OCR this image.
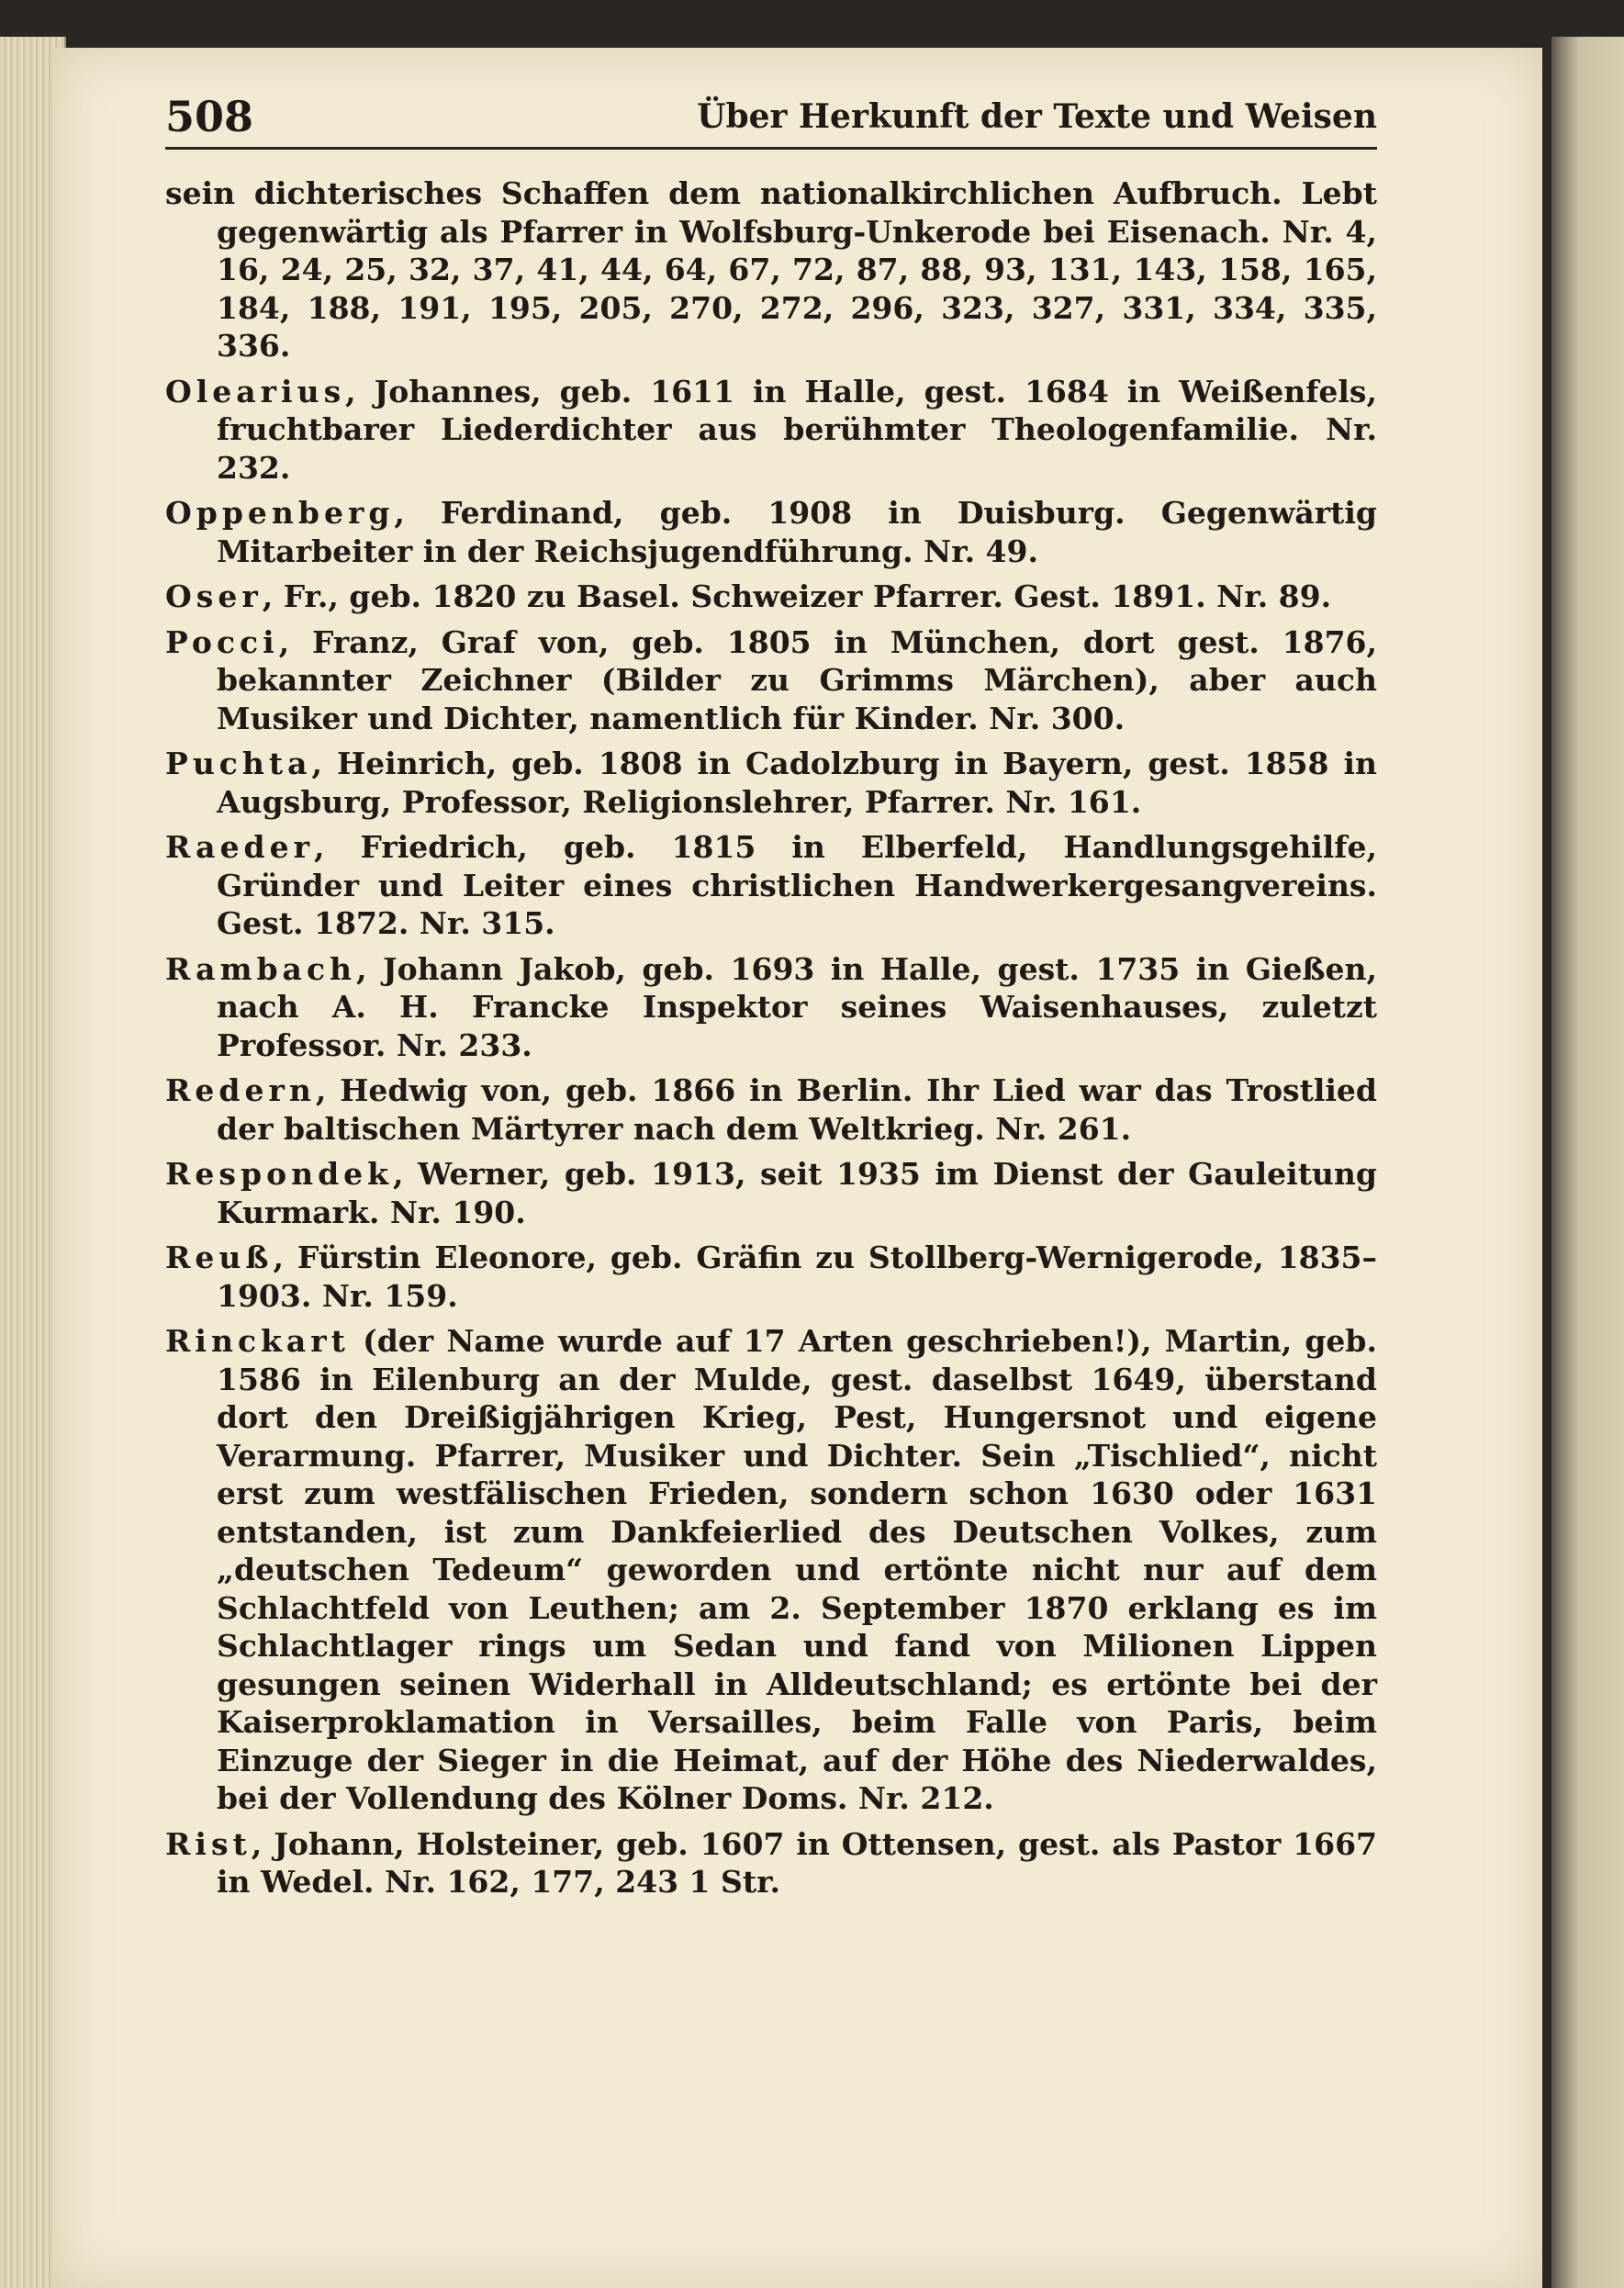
508	Über Herkunft der Texte und Weisen

sein dichterisches Schaffen dem nationalkirchlichen Aufbruch. Lebt gegenwärtig als Pfarrer in Wolfsburg-Unkerode bei Eisenach. Nr. 4, 16, 24, 25, 32, 37, 41, 44, 64, 67, 72, 87, 88, 93, 131, 143, 158, 165, 184, 188, 191, 195, 205, 270, 272, 296, 323, 327, 331, 334, 335, 336.

Olearius, Johannes, geb. 1611 in Halle, gest. 1684 in Weißenfels, fruchtbarer Liederdichter aus berühmter Theologenfamilie. Nr. 232.

Oppenberg, Ferdinand, geb. 1908 in Duisburg. Gegenwärtig Mitarbeiter in der Reichsjugendführung. Nr. 49.

Oser, Fr., geb. 1820 zu Basel. Schweizer Pfarrer. Gest. 1891. Nr. 89.

Pocci, Franz, Graf von, geb. 1805 in München, dort gest. 1876, bekannter Zeichner (Bilder zu Grimms Märchen), aber auch Musiker und Dichter, namentlich für Kinder. Nr. 300.

Puchta, Heinrich, geb. 1808 in Cadolzburg in Bayern, gest. 1858 in Augsburg, Professor, Religionslehrer, Pfarrer. Nr. 161.

Raeder, Friedrich, geb. 1815 in Elberfeld, Handlungsgehilfe, Gründer und Leiter eines christlichen Handwerkergesangvereins. Gest. 1872. Nr. 315.

Rambach, Johann Jakob, geb. 1693 in Halle, gest. 1735 in Gießen, nach A. H. Francke Inspektor seines Waisenhauses, zuletzt Professor. Nr. 233.

Redern, Hedwig von, geb. 1866 in Berlin. Ihr Lied war das Trostlied der baltischen Märtyrer nach dem Weltkrieg. Nr. 261.

Respondek, Werner, geb. 1913, seit 1935 im Dienst der Gauleitung Kurmark. Nr. 190.

Reuß, Fürstin Eleonore, geb. Gräfin zu Stollberg-Wernigerode, 1835–1903. Nr. 159.

Rinckart (der Name wurde auf 17 Arten geschrieben!), Martin, geb. 1586 in Eilenburg an der Mulde, gest. daselbst 1649, überstand dort den Dreißigjährigen Krieg, Pest, Hungersnot und eigene Verarmung. Pfarrer, Musiker und Dichter. Sein „Tischlied“, nicht erst zum westfälischen Frieden, sondern schon 1630 oder 1631 entstanden, ist zum Dankfeierlied des Deutschen Volkes, zum „deutschen Tedeum“ geworden und ertönte nicht nur auf dem Schlachtfeld von Leuthen; am 2. September 1870 erklang es im Schlachtlager rings um Sedan und fand von Milionen Lippen gesungen seinen Widerhall in Alldeutschland; es ertönte bei der Kaiserproklamation in Versailles, beim Falle von Paris, beim Einzuge der Sieger in die Heimat, auf der Höhe des Niederwaldes, bei der Vollendung des Kölner Doms. Nr. 212.

Rist, Johann, Holsteiner, geb. 1607 in Ottensen, gest. als Pastor 1667 in Wedel. Nr. 162, 177, 243 1 Str.
